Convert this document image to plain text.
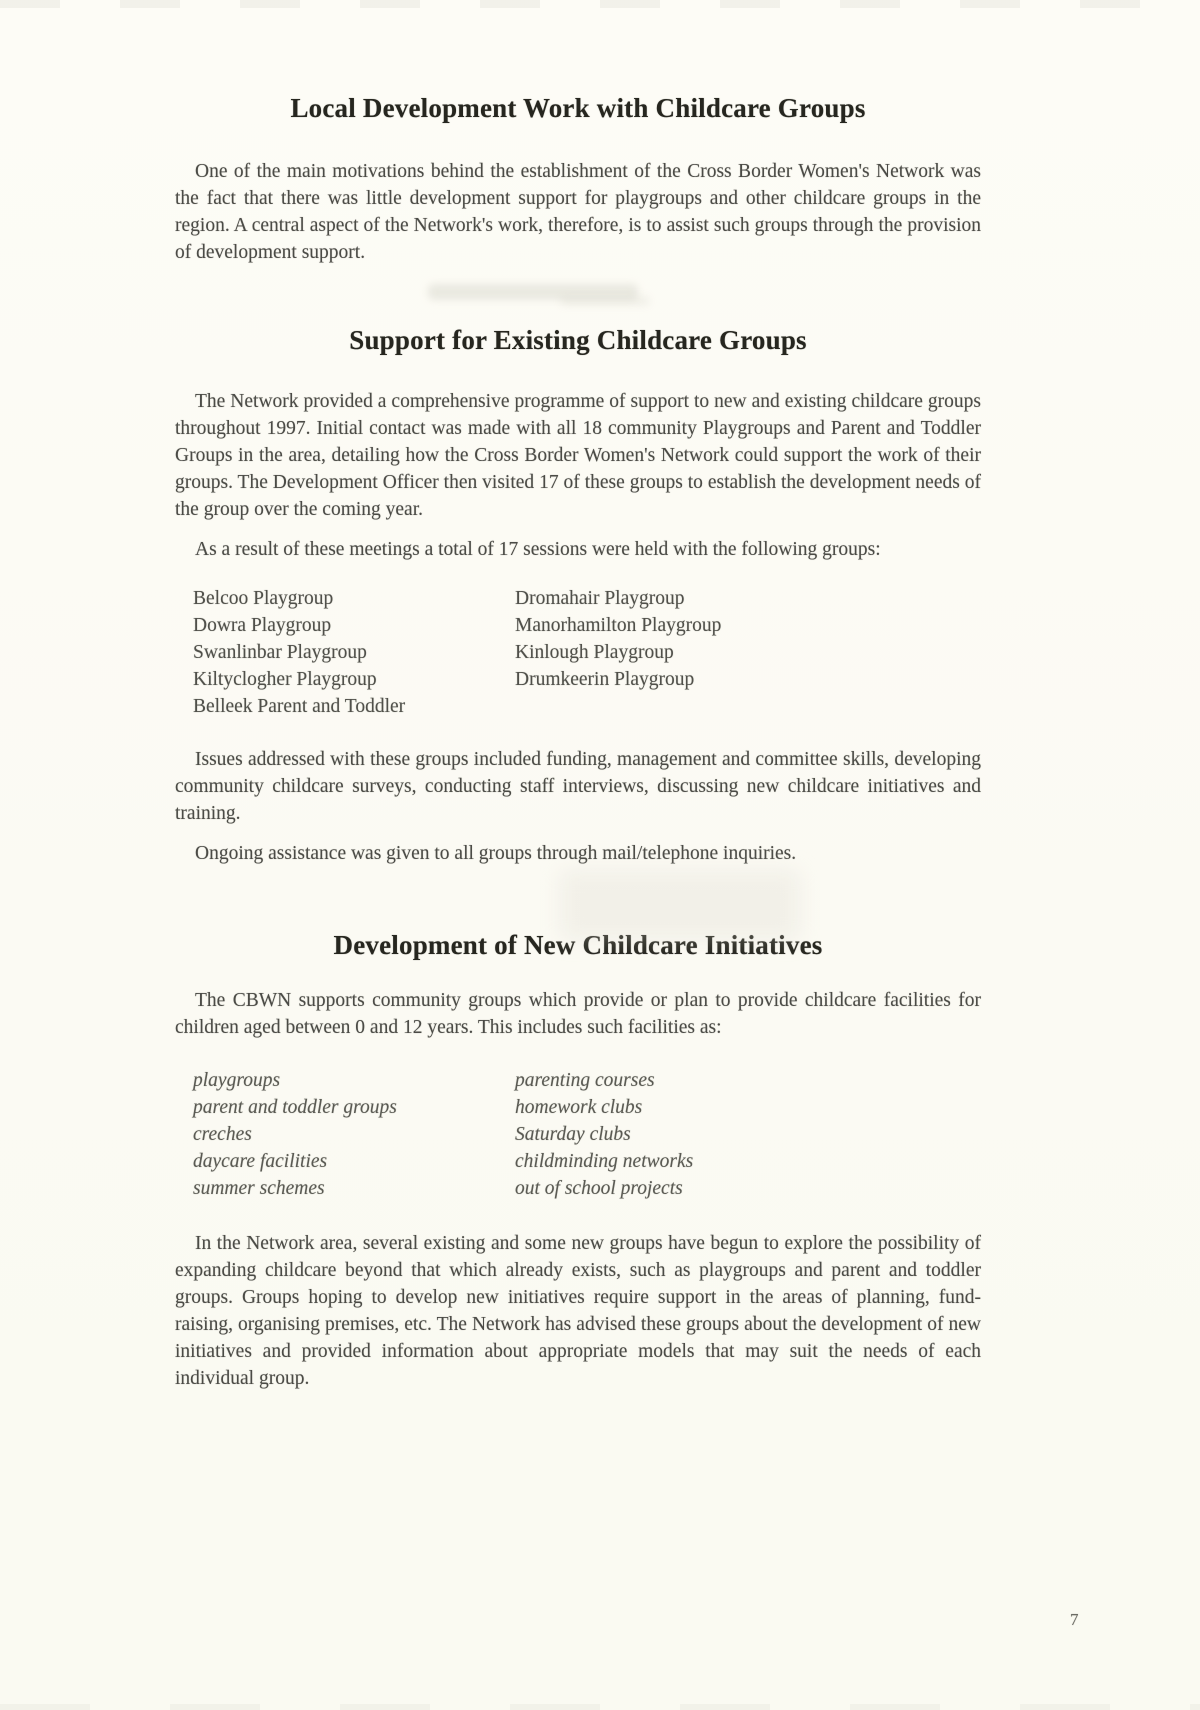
Local Development Work with Childcare Groups

One of the main motivations behind the establishment of the Cross Border Women's Network was the fact that there was little development support for playgroups and other childcare groups in the region. A central aspect of the Network's work, therefore, is to assist such groups through the provision of development support.

Support for Existing Childcare Groups

The Network provided a comprehensive programme of support to new and existing childcare groups throughout 1997. Initial contact was made with all 18 community Playgroups and Parent and Toddler Groups in the area, detailing how the Cross Border Women's Network could support the work of their groups. The Development Officer then visited 17 of these groups to establish the development needs of the group over the coming year.

As a result of these meetings a total of 17 sessions were held with the following groups:

Belcoo Playgroup
Dowra Playgroup
Swanlinbar Playgroup
Kiltyclogher Playgroup
Belleek Parent and Toddler
Dromahair Playgroup
Manorhamilton Playgroup
Kinlough Playgroup
Drumkeerin Playgroup

Issues addressed with these groups included funding, management and committee skills, developing community childcare surveys, conducting staff interviews, discussing new childcare initiatives and training.

Ongoing assistance was given to all groups through mail/telephone inquiries.

Development of New Childcare Initiatives

The CBWN supports community groups which provide or plan to provide childcare facilities for children aged between 0 and 12 years. This includes such facilities as:

playgroups
parent and toddler groups
creches
daycare facilities
summer schemes
parenting courses
homework clubs
Saturday clubs
childminding networks
out of school projects

In the Network area, several existing and some new groups have begun to explore the possibility of expanding childcare beyond that which already exists, such as playgroups and parent and toddler groups. Groups hoping to develop new initiatives require support in the areas of planning, fund-raising, organising premises, etc. The Network has advised these groups about the development of new initiatives and provided information about appropriate models that may suit the needs of each individual group.

7
